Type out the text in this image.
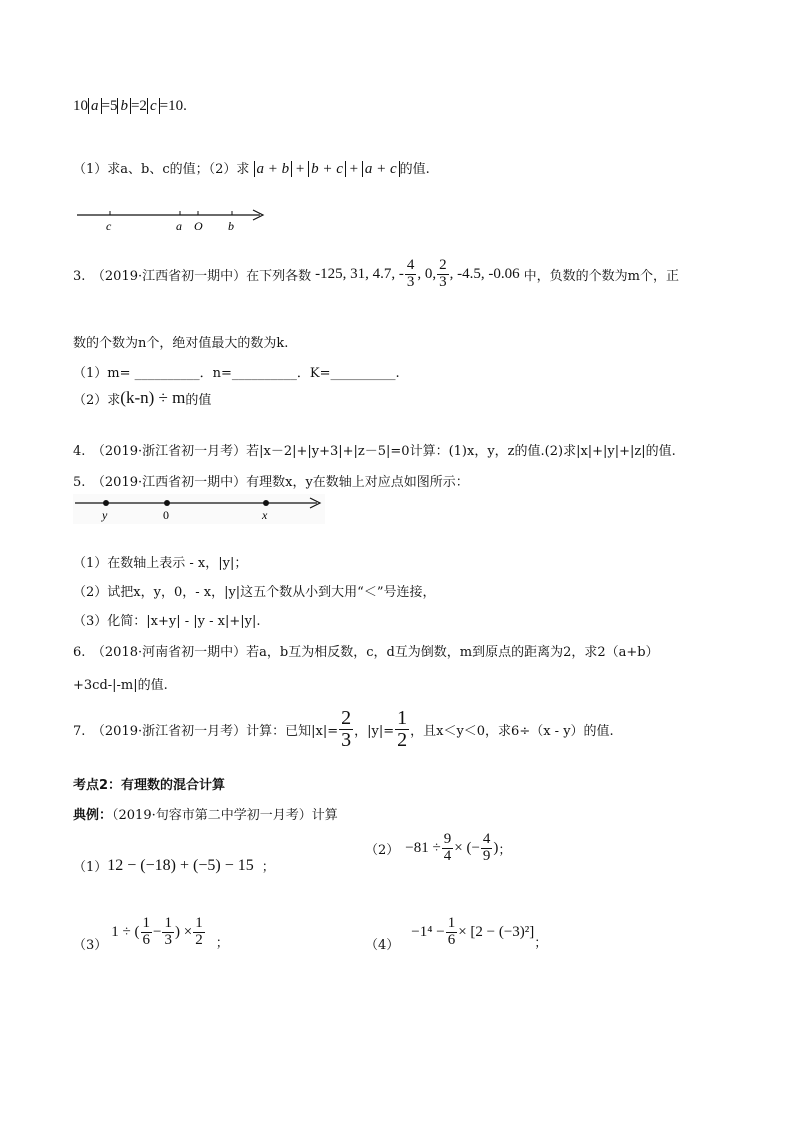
10 a =5 b =2 c =10.
（1）求a、b、c的值；（2）求 a + b + b + c + a + c 的值.
c	a O b
3.　（2019·江西省初一期中）在下列各数 -125, 31, 4.7, - $\frac{4}{3}$ , 0, $\frac{2}{3}$ , -4.5, -0.06 中，负数的个数为m个，正
数的个数为n个，绝对值最大的数为k.
（1）m= __________．n=__________．K=__________.
（2）求 (k-n) ÷ m 的值
4.　（2019·浙江省初一月考）若|x－2|+|y+3|+|z－5|=0计算：(1)x，y，z的值.(2)求|x|+|y|+|z|的值.
5.　（2019·江西省初一期中）有理数x，y在数轴上对应点如图所示：
y	0	x
（1）在数轴上表示 - x，|y|；
（2）试把x，y，0，- x，|y|这五个数从小到大用“＜”号连接，
（3）化简：|x+y| - |y - x|+|y|.
6.　（2018·河南省初一期中）若a，b互为相反数，c，d互为倒数，m到原点的距离为2，求2（a+b）
+3cd-|-m|的值.
7.　（2019·浙江省初一月考）计算：已知$|x|= \frac{2}{3}$ ，$|y|= \frac{1}{2}$ ，且x＜y＜0，求6÷（x - y）的值.
考点2：有理数的混合计算
典例：（2019·句容市第二中学初一月考）计算
（1） 12 − (−18) + (−5) − 15 ；
$(2) -81 \div \frac{9}{4}$ × (− $\frac{4}{9}$ ) ；
（3）
1 ÷ ( $\frac{1}{6} - \frac{1}{3}$ ) × $\frac{1}{2}$ ；	（4）
$-1^4 - \frac{1}{6} \times [2 - (-3)^2]$
；
